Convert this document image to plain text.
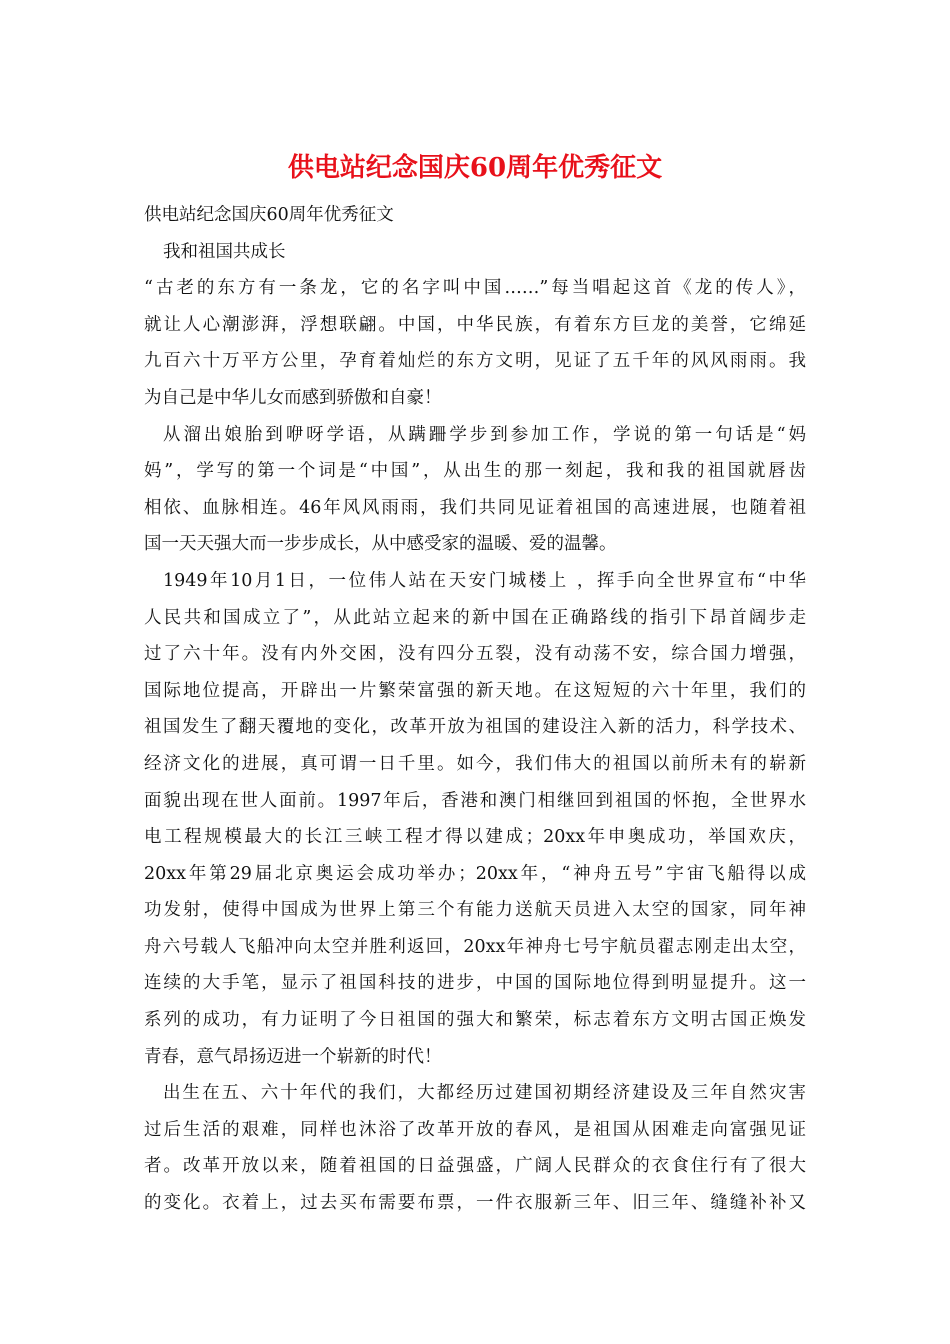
供电站纪念国庆60周年优秀征文
供电站纪念国庆60周年优秀征文
我和祖国共成长
“古老的东方有一条龙，它的名字叫中国……”每当唱起这首《龙的传人》，
就让人心潮澎湃，浮想联翩。中国，中华民族，有着东方巨龙的美誉，它绵延
九百六十万平方公里，孕育着灿烂的东方文明，见证了五千年的风风雨雨。我
为自己是中华儿女而感到骄傲和自豪！
从溜出娘胎到咿呀学语，从蹒跚学步到参加工作，学说的第一句话是“妈
妈”，学写的第一个词是“中国”，从出生的那一刻起，我和我的祖国就唇齿
相依、血脉相连。46年风风雨雨，我们共同见证着祖国的高速进展，也随着祖
国一天天强大而一步步成长，从中感受家的温暖、爱的温馨。
1949年10月1日，一位伟人站在天安门城楼上 ，挥手向全世界宣布“中华
人民共和国成立了”，从此站立起来的新中国在正确路线的指引下昂首阔步走
过了六十年。没有内外交困，没有四分五裂，没有动荡不安，综合国力增强，
国际地位提高，开辟出一片繁荣富强的新天地。在这短短的六十年里，我们的
祖国发生了翻天覆地的变化，改革开放为祖国的建设注入新的活力，科学技术、
经济文化的进展，真可谓一日千里。如今，我们伟大的祖国以前所未有的崭新
面貌出现在世人面前。1997年后，香港和澳门相继回到祖国的怀抱，全世界水
电工程规模最大的长江三峡工程才得以建成；20xx年申奥成功，举国欢庆，
20xx年第29届北京奥运会成功举办；20xx年，“神舟五号”宇宙飞船得以成
功发射，使得中国成为世界上第三个有能力送航天员进入太空的国家，同年神
舟六号载人飞船冲向太空并胜利返回，20xx年神舟七号宇航员翟志刚走出太空，
连续的大手笔，显示了祖国科技的进步，中国的国际地位得到明显提升。这一
系列的成功，有力证明了今日祖国的强大和繁荣，标志着东方文明古国正焕发
青春，意气昂扬迈进一个崭新的时代！
出生在五、六十年代的我们，大都经历过建国初期经济建设及三年自然灾害
过后生活的艰难，同样也沐浴了改革开放的春风，是祖国从困难走向富强见证
者。改革开放以来，随着祖国的日益强盛，广阔人民群众的衣食住行有了很大
的变化。衣着上，过去买布需要布票，一件衣服新三年、旧三年、缝缝补补又
